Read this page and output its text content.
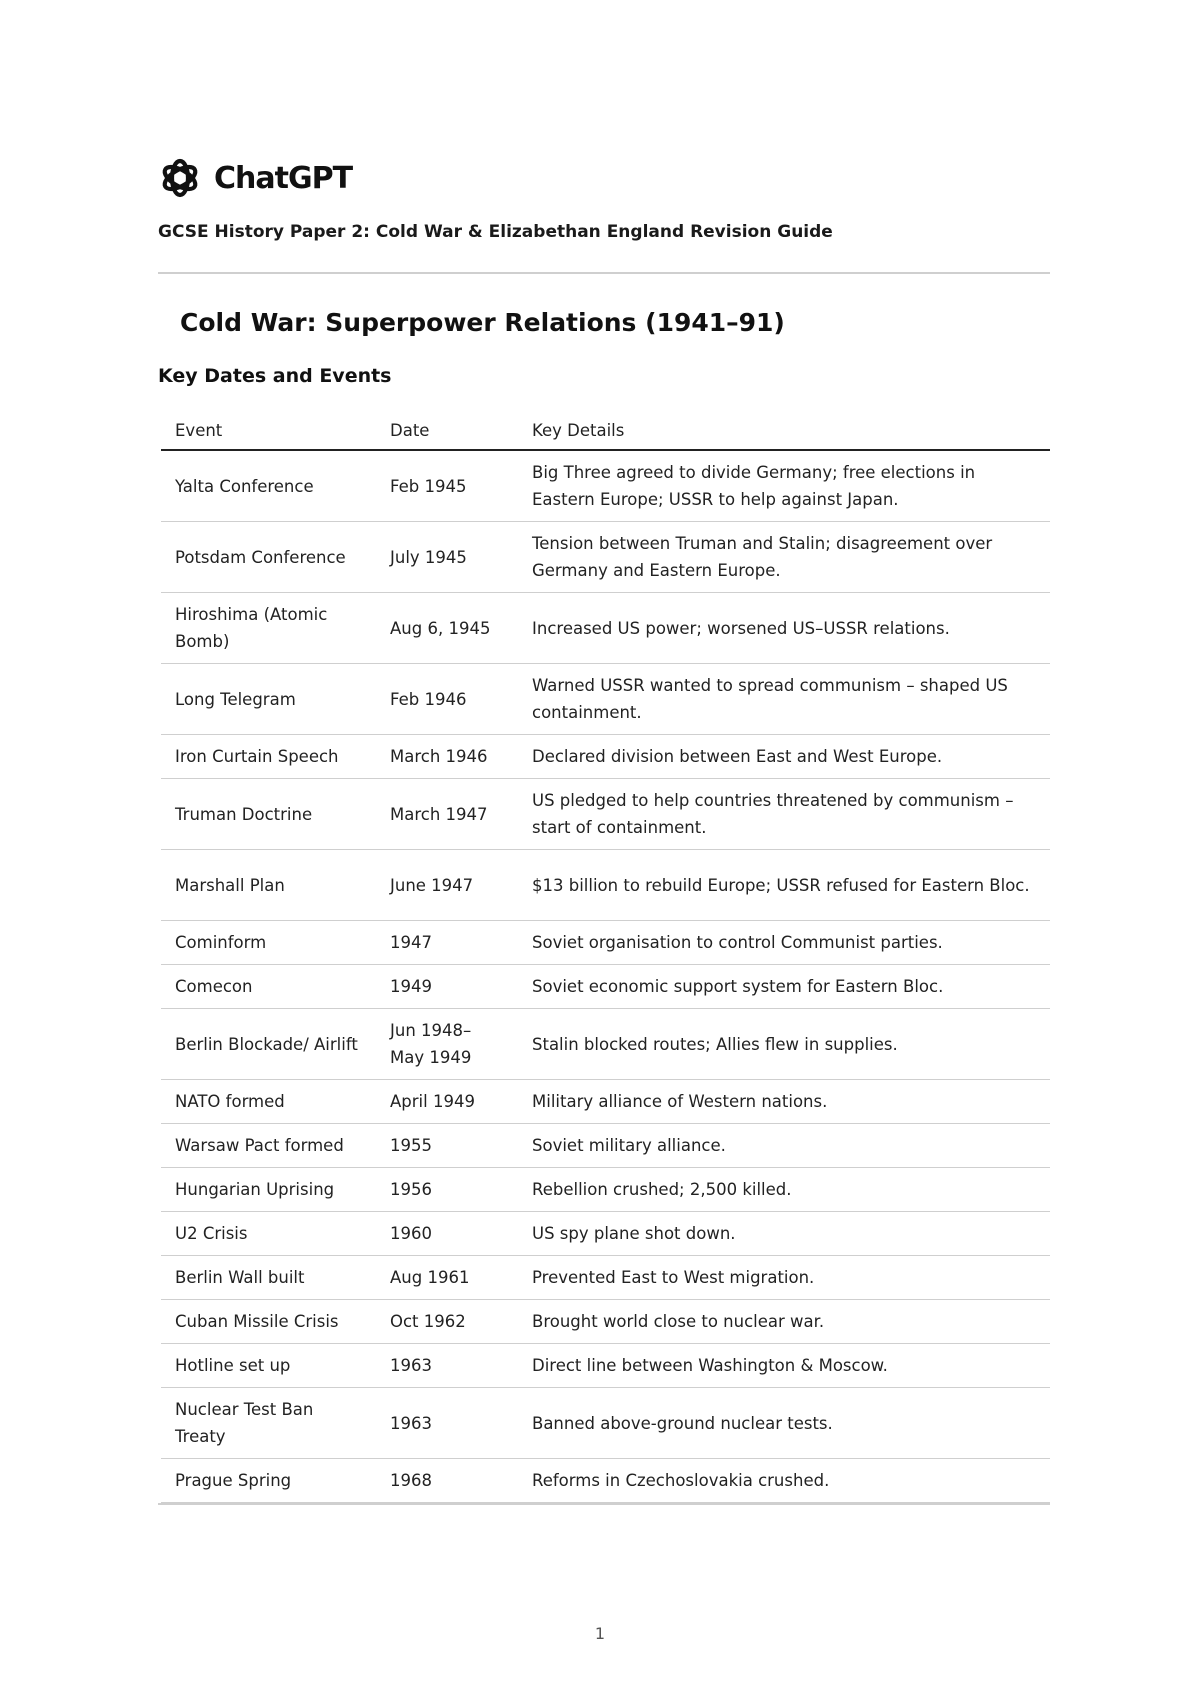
ChatGPT
GCSE History Paper 2: Cold War & Elizabethan England Revision Guide
Cold War: Superpower Relations (1941–91)
Key Dates and Events
Event	Date	Key Details
Yalta Conference	Feb 1945	Big Three agreed to divide Germany; free elections in Eastern Europe; USSR to help against Japan.
Potsdam Conference	July 1945	Tension between Truman and Stalin; disagreement over Germany and Eastern Europe.
Hiroshima (Atomic Bomb)	Aug 6, 1945	Increased US power; worsened US–USSR relations.
Long Telegram	Feb 1946	Warned USSR wanted to spread communism – shaped US containment.
Iron Curtain Speech	March 1946	Declared division between East and West Europe.
Truman Doctrine	March 1947	US pledged to help countries threatened by communism – start of containment.
Marshall Plan	June 1947	$13 billion to rebuild Europe; USSR refused for Eastern Bloc.
Cominform	1947	Soviet organisation to control Communist parties.
Comecon	1949	Soviet economic support system for Eastern Bloc.
Berlin Blockade/ Airlift	Jun 1948– May 1949	Stalin blocked routes; Allies flew in supplies.
NATO formed	April 1949	Military alliance of Western nations.
Warsaw Pact formed	1955	Soviet military alliance.
Hungarian Uprising	1956	Rebellion crushed; 2,500 killed.
U2 Crisis	1960	US spy plane shot down.
Berlin Wall built	Aug 1961	Prevented East to West migration.
Cuban Missile Crisis	Oct 1962	Brought world close to nuclear war.
Hotline set up	1963	Direct line between Washington & Moscow.
Nuclear Test Ban Treaty	1963	Banned above-ground nuclear tests.
Prague Spring	1968	Reforms in Czechoslovakia crushed.
1
